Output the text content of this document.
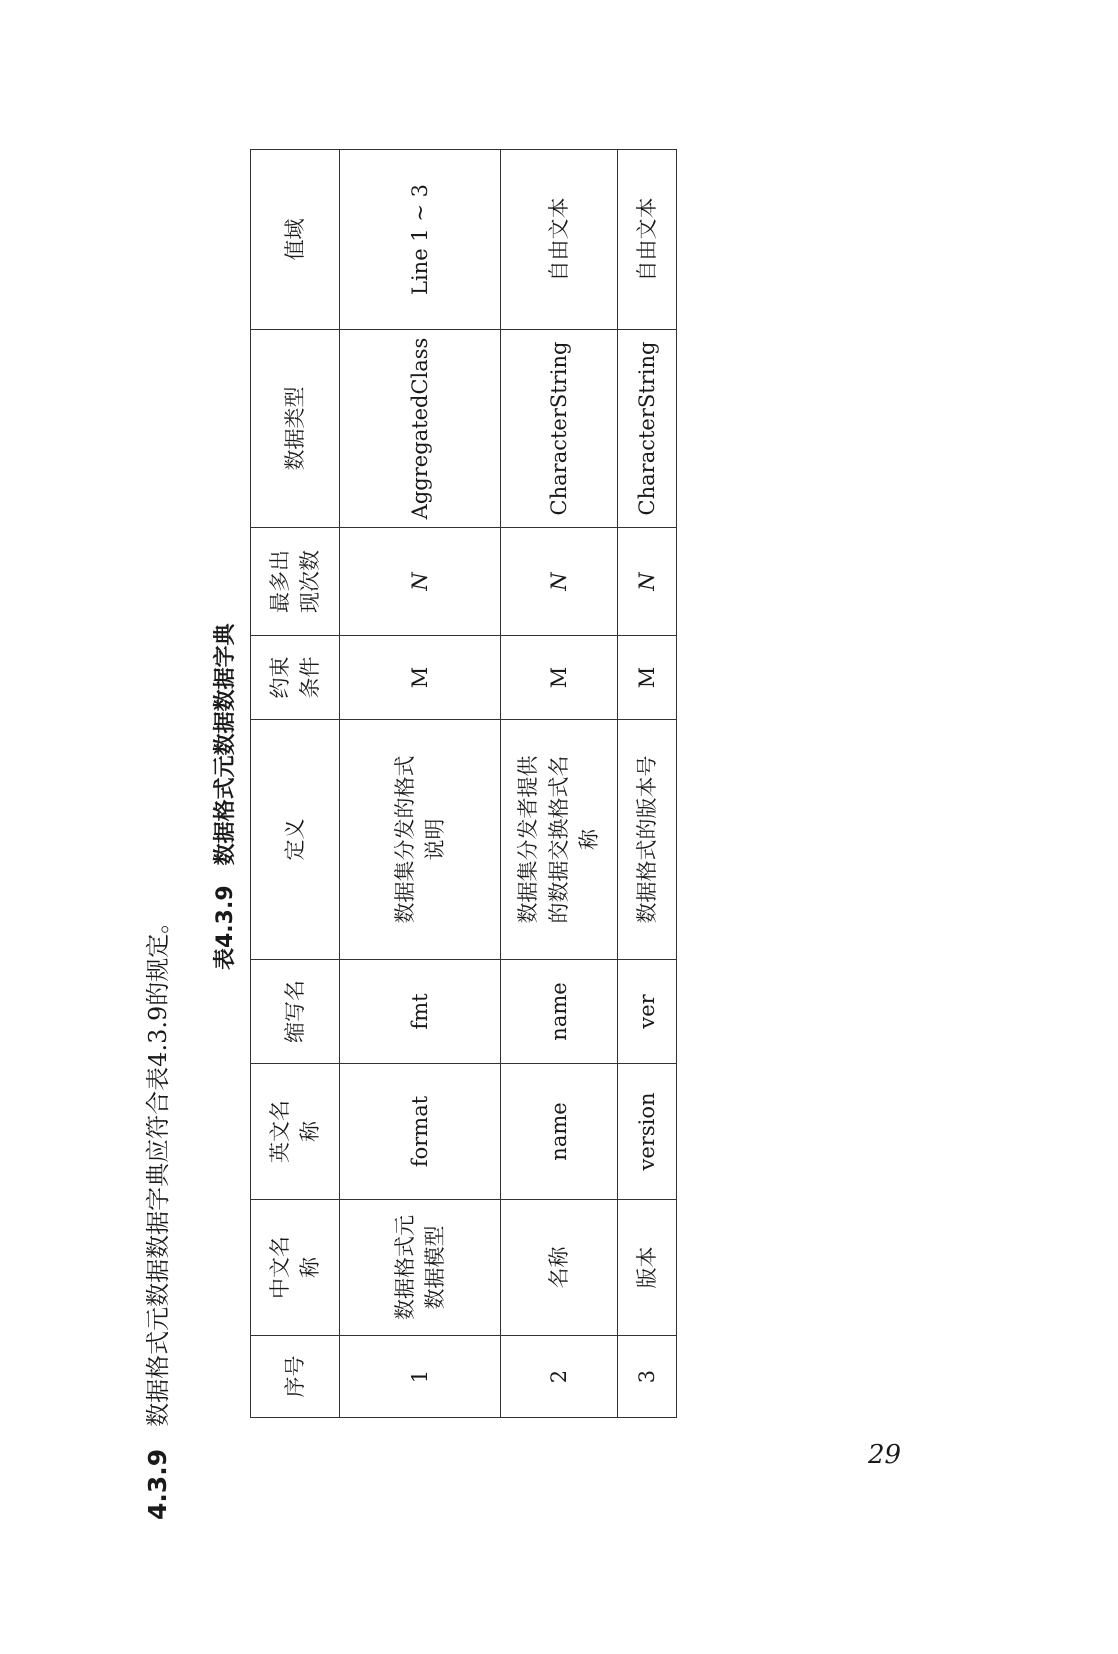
4.3.9数据格式元数据数据字典应符合表4.3.9的规定。 表4.3.9数据格式元数据数据字典
序号	中文名称	英文名称	缩写名	定义	约束条件	最多出现次数	数据类型	值域
1	数据格式元数据模型	format	fmt	数据集分发的格式说明	M	N	AggregatedClass	Line 1 ~ 3
2	名称	name	name	数据集分发者提供的数据交换格式名称	M	N	CharacterString	自由文本
3	版本	version	ver	数据格式的版本号	M	N	CharacterString	自由文本
29
